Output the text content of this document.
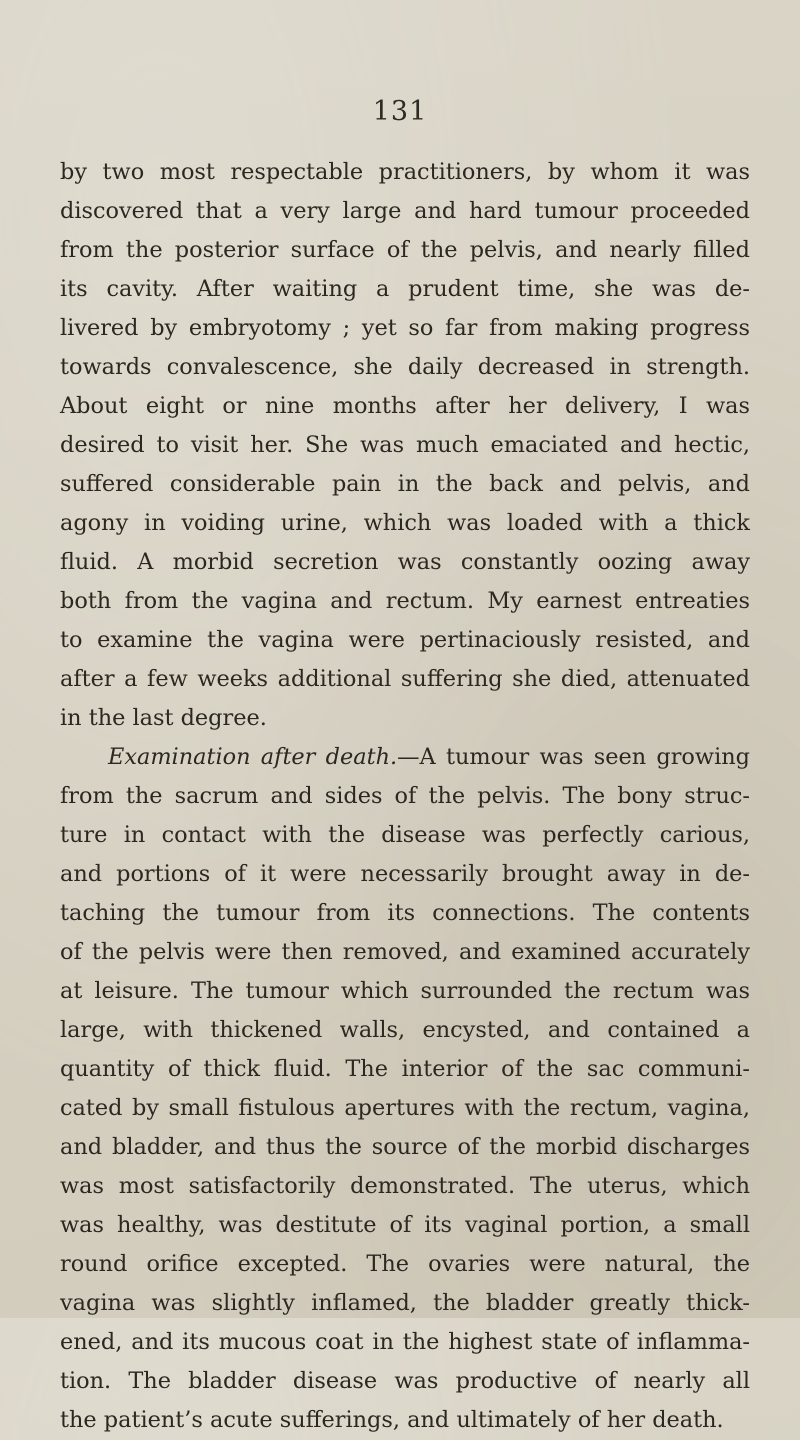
131
by two most respectable practitioners, by whom it was
discovered that a very large and hard tumour proceeded
from the posterior surface of the pelvis, and nearly filled
its cavity. After waiting a prudent time, she was de-
livered by embryotomy ; yet so far from making progress
towards convalescence, she daily decreased in strength.
About eight or nine months after her delivery, I was
desired to visit her. She was much emaciated and hectic,
suffered considerable pain in the back and pelvis, and
agony in voiding urine, which was loaded with a thick
fluid. A morbid secretion was constantly oozing away
both from the vagina and rectum. My earnest entreaties
to examine the vagina were pertinaciously resisted, and
after a few weeks additional suffering she died, attenuated
in the last degree.
Examination after death.—A tumour was seen growing
from the sacrum and sides of the pelvis. The bony struc-
ture in contact with the disease was perfectly carious,
and portions of it were necessarily brought away in de-
taching the tumour from its connections. The contents
of the pelvis were then removed, and examined accurately
at leisure. The tumour which surrounded the rectum was
large, with thickened walls, encysted, and contained a
quantity of thick fluid. The interior of the sac communi-
cated by small fistulous apertures with the rectum, vagina,
and bladder, and thus the source of the morbid discharges
was most satisfactorily demonstrated. The uterus, which
was healthy, was destitute of its vaginal portion, a small
round orifice excepted. The ovaries were natural, the
vagina was slightly inflamed, the bladder greatly thick-
ened, and its mucous coat in the highest state of inflamma-
tion. The bladder disease was productive of nearly all
the patient’s acute sufferings, and ultimately of her death.
